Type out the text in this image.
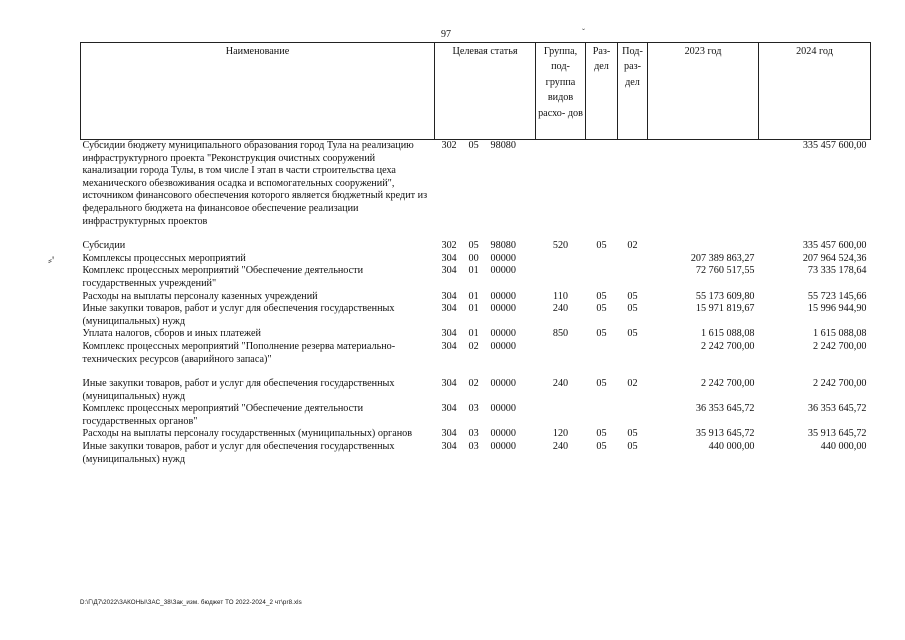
97	ˇ
⸗'
Наименование	Целевая статья				Группа, под- группа видов расхо- дов	Раз- дел	Под- раз- дел	2023 год	2024 год
Субсидии бюджету муниципального образования город Тула на реализацию инфраструктурного проекта "Реконструкция очистных сооружений канализации города Тулы, в том числе I этап в части строительства цеха механического обезвоживания осадка и вспомогательных сооружений", источником финансового обеспечения которого является бюджетный кредит из федерального бюджета на финансовое обеспечение реализации инфраструктурных проектов	30	2	05	98080					335 457 600,00

Субсидии	30	2	05	98080	520	05	02		335 457 600,00
Комплексы процессных мероприятий	30	4	00	00000				207 389 863,27	207 964 524,36
Комплекс процессных мероприятий "Обеспечение деятельности государственных учреждений"	30	4	01	00000				72 760 517,55	73 335 178,64
Расходы на выплаты персоналу казенных учреждений	30	4	01	00000	110	05	05	55 173 609,80	55 723 145,66
Иные закупки товаров, работ и услуг для обеспечения государственных (муниципальных) нужд	30	4	01	00000	240	05	05	15 971 819,67	15 996 944,90
Уплата налогов, сборов и иных платежей	30	4	01	00000	850	05	05	1 615 088,08	1 615 088,08
Комплекс процессных мероприятий "Пополнение резерва материально-технических ресурсов (аварийного запаса)"	30	4	02	00000				2 242 700,00	2 242 700,00

Иные закупки товаров, работ и услуг для обеспечения государственных (муниципальных) нужд	30	4	02	00000	240	05	02	2 242 700,00	2 242 700,00
Комплекс процессных мероприятий "Обеспечение деятельности государственных органов"	30	4	03	00000				36 353 645,72	36 353 645,72
Расходы на выплаты персоналу государственных (муниципальных) органов	30	4	03	00000	120	05	05	35 913 645,72	35 913 645,72
Иные закупки товаров, работ и услуг для обеспечения государственных (муниципальных) нужд	30	4	03	00000	240	05	05	440 000,00	440 000,00
D:\Г\Д7\2022\ЗАКОНЫ\ЗАС_38\Зак_изм. бюджет ТО 2022-2024_2 чт\pr8.xls
